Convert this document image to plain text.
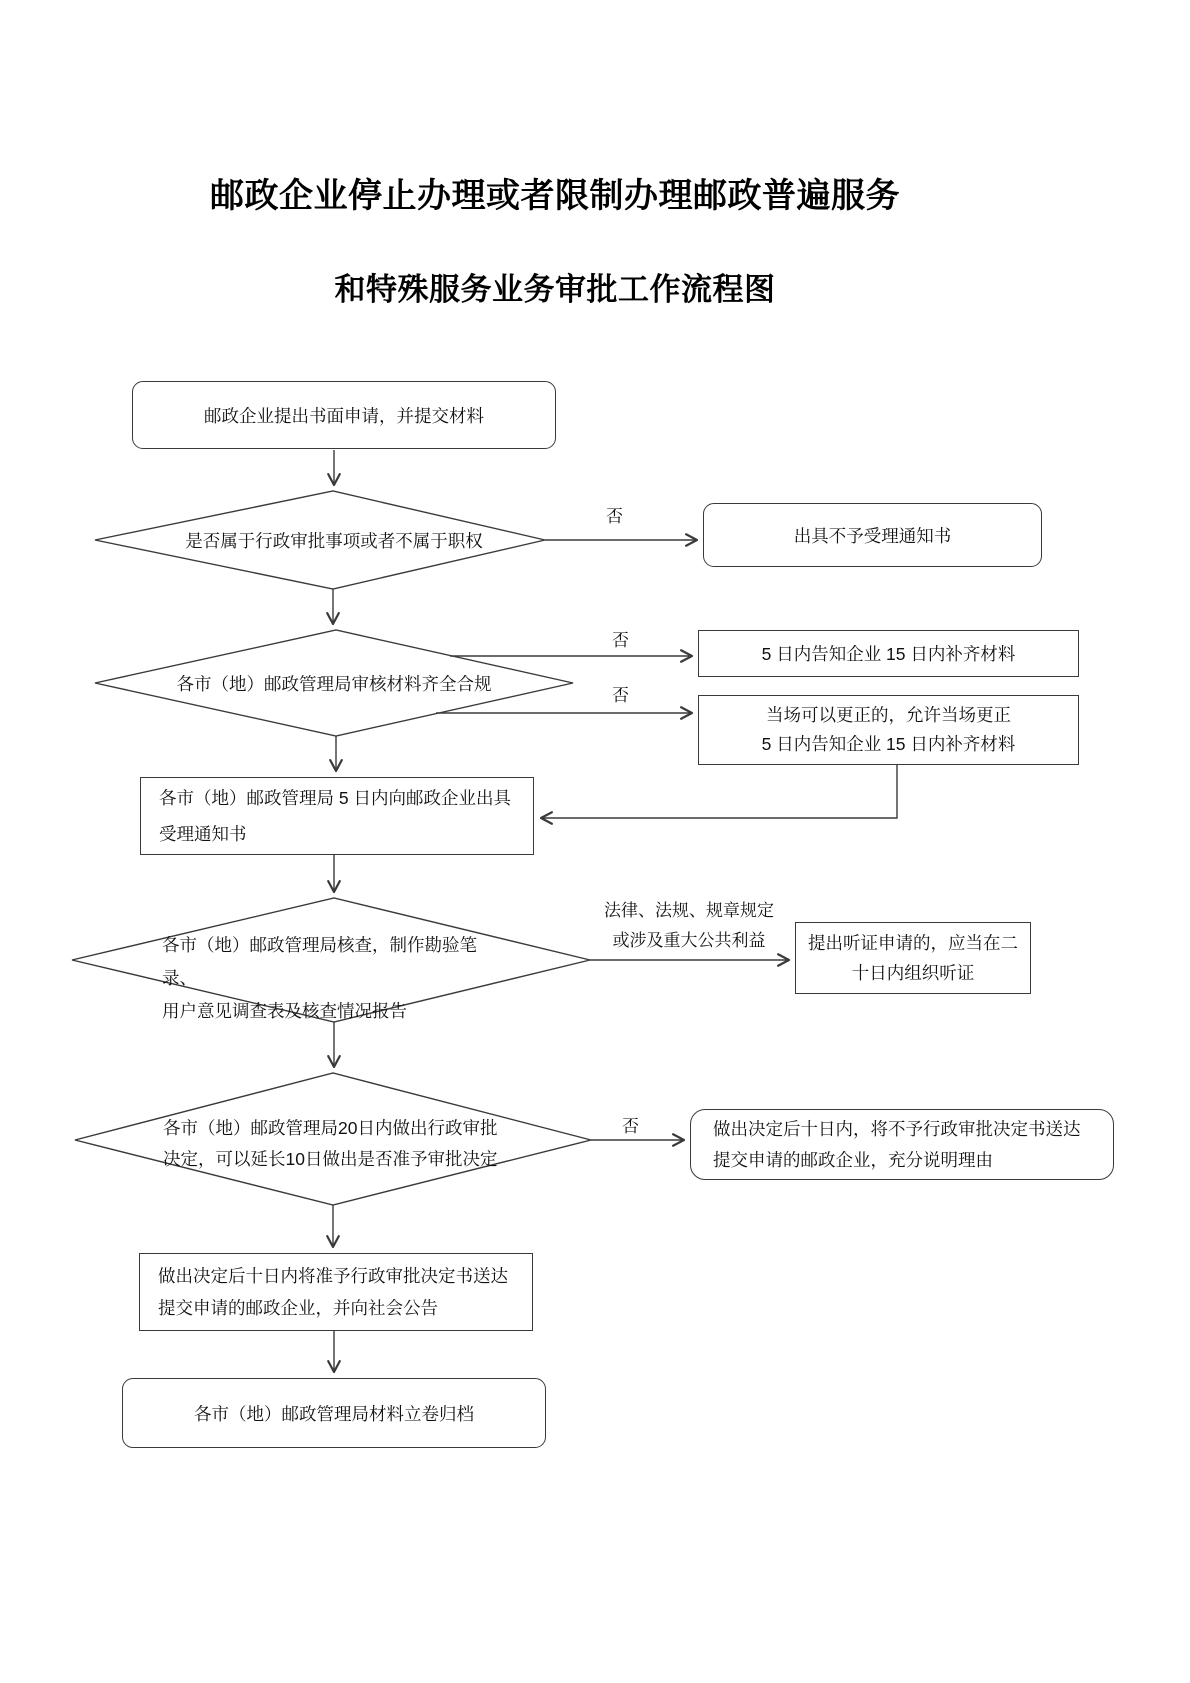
邮政企业停止办理或者限制办理邮政普遍服务
和特殊服务业务审批工作流程图
邮政企业提出书面申请，并提交材料
出具不予受理通知书
5 日内告知企业 15 日内补齐材料
当场可以更正的，允许当场更正
5 日内告知企业 15 日内补齐材料
各市（地）邮政管理局 5 日内向邮政企业出具
受理通知书
提出听证申请的，应当在二
十日内组织听证
做出决定后十日内，将不予行政审批决定书送达
提交申请的邮政企业，充分说明理由
做出决定后十日内将准予行政审批决定书送达
提交申请的邮政企业，并向社会公告
各市（地）邮政管理局材料立卷归档
是否属于行政审批事项或者不属于职权
各市（地）邮政管理局审核材料齐全合规
各市（地）邮政管理局核查，制作勘验笔录、
用户意见调查表及核查情况报告
各市（地）邮政管理局20日内做出行政审批
决定，可以延长10日做出是否准予审批决定
否
否
否
否
法律、法规、规章规定
或涉及重大公共利益
